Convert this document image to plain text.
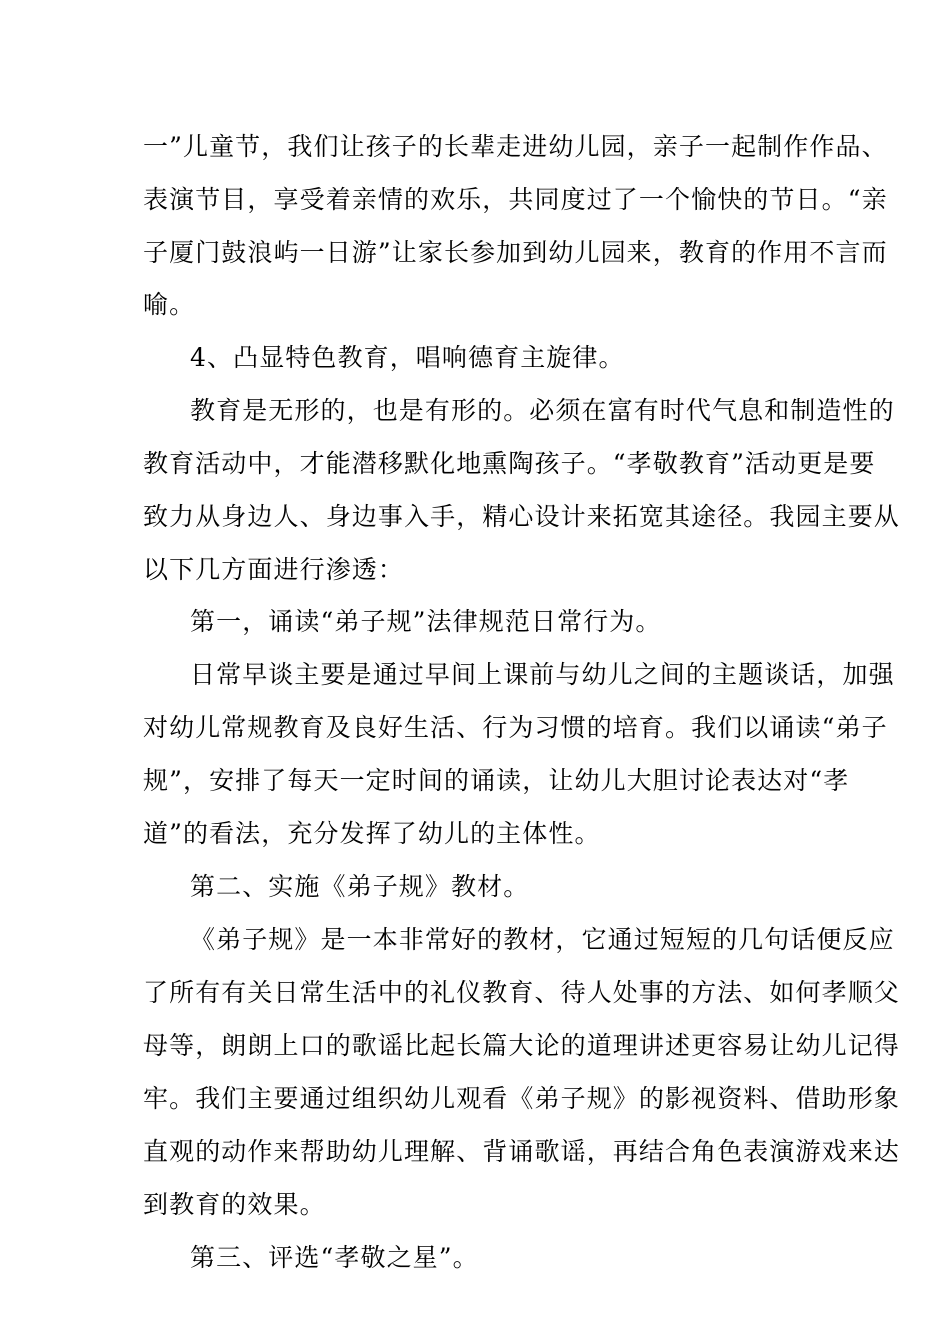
一”儿童节，我们让孩子的长辈走进幼儿园，亲子一起制作作品、
表演节目，享受着亲情的欢乐，共同度过了一个愉快的节日。“亲
子厦门鼓浪屿一日游”让家长参加到幼儿园来，教育的作用不言而
喻。
4、凸显特色教育，唱响德育主旋律。
教育是无形的，也是有形的。必须在富有时代气息和制造性的
教育活动中，才能潜移默化地熏陶孩子。“孝敬教育”活动更是要
致力从身边人、身边事入手，精心设计来拓宽其途径。我园主要从
以下几方面进行渗透：
第一，诵读“弟子规”法律规范日常行为。
日常早谈主要是通过早间上课前与幼儿之间的主题谈话，加强
对幼儿常规教育及良好生活、行为习惯的培育。我们以诵读“弟子
规”，安排了每天一定时间的诵读，让幼儿大胆讨论表达对“孝
道”的看法，充分发挥了幼儿的主体性。
第二、实施《弟子规》教材。
《弟子规》是一本非常好的教材，它通过短短的几句话便反应
了所有有关日常生活中的礼仪教育、待人处事的方法、如何孝顺父
母等，朗朗上口的歌谣比起长篇大论的道理讲述更容易让幼儿记得
牢。我们主要通过组织幼儿观看《弟子规》的影视资料、借助形象
直观的动作来帮助幼儿理解、背诵歌谣，再结合角色表演游戏来达
到教育的效果。
第三、评选“孝敬之星”。
